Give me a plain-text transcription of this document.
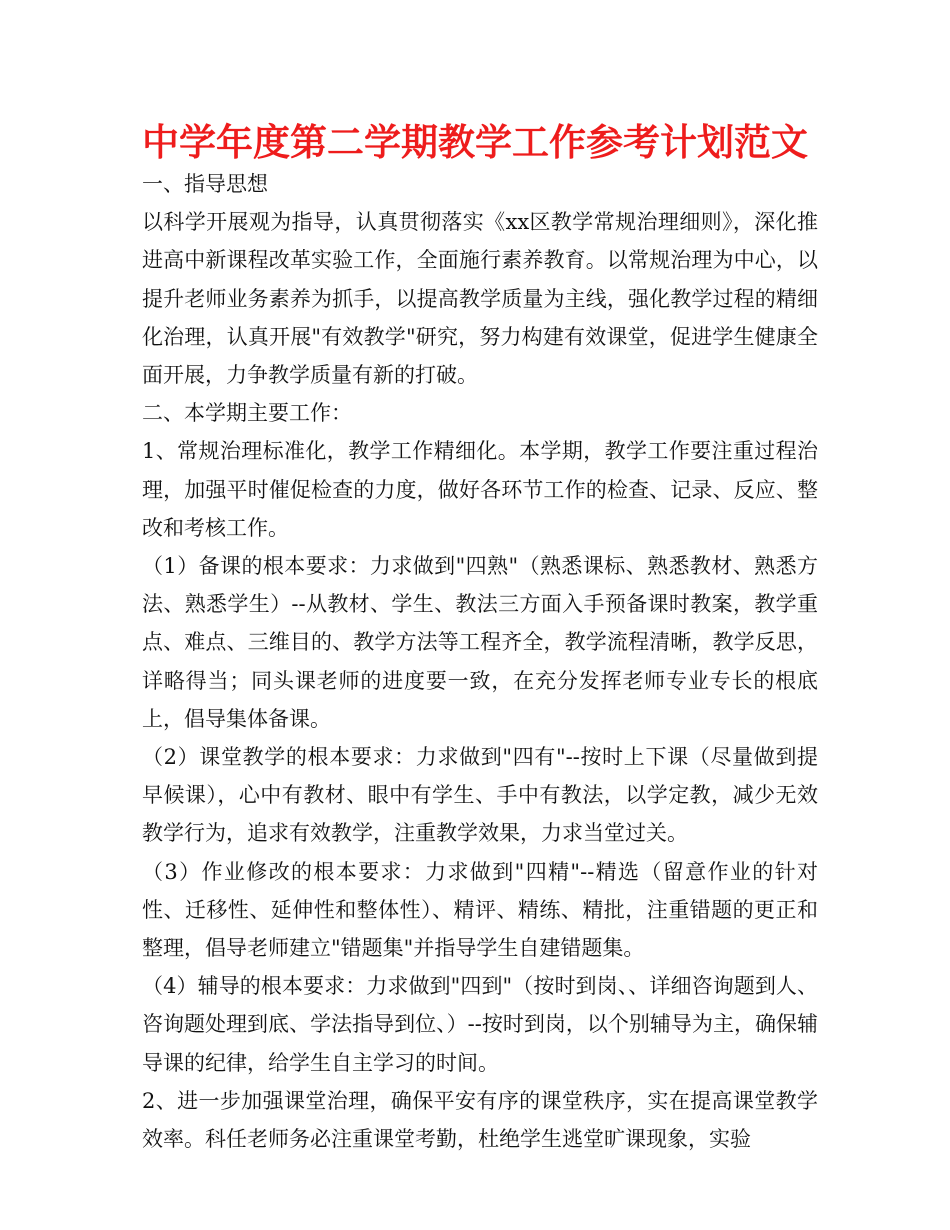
中学年度第二学期教学工作参考计划范文

一、指导思想

以科学开展观为指导，认真贯彻落实《xx区教学常规治理细则》，深化推进高中新课程改革实验工作，全面施行素养教育。以常规治理为中心，以提升老师业务素养为抓手，以提高教学质量为主线，强化教学过程的精细化治理，认真开展"有效教学"研究，努力构建有效课堂，促进学生健康全面开展，力争教学质量有新的打破。

二、本学期主要工作：

1、常规治理标准化，教学工作精细化。本学期，教学工作要注重过程治理，加强平时催促检查的力度，做好各环节工作的检查、记录、反应、整改和考核工作。

（1）备课的根本要求：力求做到"四熟"（熟悉课标、熟悉教材、熟悉方法、熟悉学生）--从教材、学生、教法三方面入手预备课时教案，教学重点、难点、三维目的、教学方法等工程齐全，教学流程清晰，教学反思，详略得当；同头课老师的进度要一致，在充分发挥老师专业专长的根底上，倡导集体备课。

（2）课堂教学的根本要求：力求做到"四有"--按时上下课（尽量做到提早候课），心中有教材、眼中有学生、手中有教法，以学定教，减少无效教学行为，追求有效教学，注重教学效果，力求当堂过关。

（3）作业修改的根本要求：力求做到"四精"--精选（留意作业的针对性、迁移性、延伸性和整体性）、精评、精练、精批，注重错题的更正和整理，倡导老师建立"错题集"并指导学生自建错题集。

（4）辅导的根本要求：力求做到"四到"（按时到岗、、详细咨询题到人、咨询题处理到底、学法指导到位、）--按时到岗，以个别辅导为主，确保辅导课的纪律，给学生自主学习的时间。

2、进一步加强课堂治理，确保平安有序的课堂秩序，实在提高课堂教学效率。科任老师务必注重课堂考勤，杜绝学生逃堂旷课现象，实验
